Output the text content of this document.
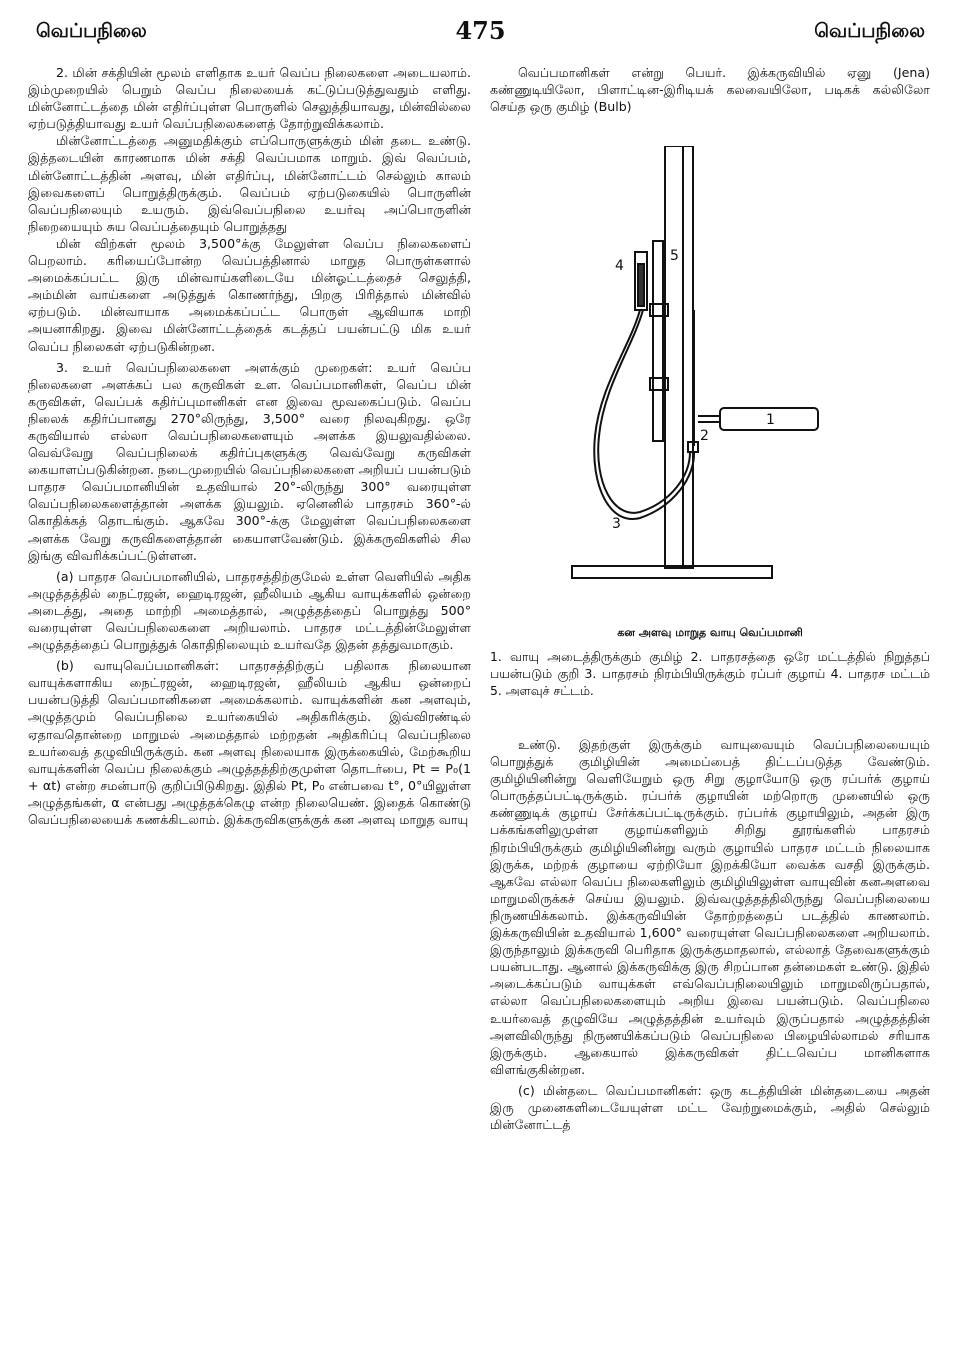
வெப்பநிலை	475	வெப்பநிலை

2. மின் சக்தியின் மூலம் எளிதாக உயர் வெப்ப நிலைகளை அடையலாம். இம்முறையில் பெறும் வெப்ப நிலையைக் கட்டுப்படுத்துவதும் எளிது. மின்னோட்டத்தை மின் எதிர்ப்புள்ள பொருளில் செலுத்தியாவது, மின்வில்லை ஏற்படுத்தியாவது உயர் வெப்பநிலைகளைத் தோற்றுவிக்கலாம்.

மின்னோட்டத்தை அனுமதிக்கும் எப்பொருளுக்கும் மின் தடை உண்டு. இத்தடையின் காரணமாக மின் சக்தி வெப்பமாக மாறும். இவ் வெப்பம், மின்னோட்டத்தின் அளவு, மின் எதிர்ப்பு, மின்னோட்டம் செல்லும் காலம் இவைகளைப் பொறுத்திருக்கும். வெப்பம் ஏற்படுகையில் பொருளின் வெப்பநிலையும் உயரும். இவ்வெப்பநிலை உயர்வு அப்பொருளின் நிறையையும் சுய வெப்பத்தையும் பொறுத்தது

மின் விற்கள் மூலம் 3,500°க்கு மேலுள்ள வெப்ப நிலைகளைப் பெறலாம். கரியைப்போன்ற வெப்பத்தினால் மாறுத பொருள்களால் அமைக்கப்பட்ட இரு மின்வாய்களிடையே மின்ஓட்டத்தைச் செலுத்தி, அம்மின் வாய்களை அடுத்துக் கொணர்ந்து, பிறகு பிரித்தால் மின்வில் ஏற்படும். மின்வாயாக அமைக்கப்பட்ட பொருள் ஆவியாக மாறி அயனாகிறது. இவை மின்னோட்டத்தைக் கடத்தப் பயன்பட்டு மிக உயர் வெப்ப நிலைகள் ஏற்படுகின்றன.

3. உயர் வெப்பநிலைகளை அளக்கும் முறைகள்: உயர் வெப்ப நிலைகளை அளக்கப் பல கருவிகள் உள. வெப்பமானிகள், வெப்ப மின் கருவிகள், வெப்பக் கதிர்ப்புமானிகள் என இவை மூவகைப்படும். வெப்ப நிலைக் கதிர்ப்பானது 270°லிருந்து, 3,500° வரை நிலவுகிறது. ஒரே கருவியால் எல்லா வெப்பநிலைகளையும் அளக்க இயலுவதில்லை. வெவ்வேறு வெப்பநிலைக் கதிர்ப்புகளுக்கு வெவ்வேறு கருவிகள் கையாளப்படுகின்றன. நடைமுறையில் வெப்பநிலைகளை அறியப் பயன்படும் பாதரச வெப்பமானியின் உதவியால் 20°-லிருந்து 300° வரையுள்ள வெப்பநிலைகளைத்தான் அளக்க இயலும். ஏனெனில் பாதரசம் 360°-ல் கொதிக்கத் தொடங்கும். ஆகவே 300°-க்கு மேலுள்ள வெப்பநிலைகளை அளக்க வேறு கருவிகளைத்தான் கையாளவேண்டும். இக்கருவிகளில் சில இங்கு விவரிக்கப்பட்டுள்ளன.

(a) பாதரச வெப்பமானியில், பாதரசத்திற்குமேல் உள்ள வெளியில் அதிக அழுத்தத்தில் நைட்ரஜன், ஹைடிரஜன், ஹீலியம் ஆகிய வாயுக்களில் ஒன்றை அடைத்து, அதை மாற்றி அமைத்தால், அழுத்தத்தைப் பொறுத்து 500° வரையுள்ள வெப்பநிலைகளை அறியலாம். பாதரச மட்டத்தின்மேலுள்ள அழுத்தத்தைப் பொறுத்துக் கொதிநிலையும் உயர்வதே இதன் தத்துவமாகும்.

(b) வாயுவெப்பமானிகள்: பாதரசத்திற்குப் பதிலாக நிலையான வாயுக்களாகிய நைட்ரஜன், ஹைடிரஜன், ஹீலியம் ஆகிய ஒன்றைப் பயன்படுத்தி வெப்பமானிகளை அமைக்கலாம். வாயுக்களின் கன அளவும், அழுத்தமும் வெப்பநிலை உயர்கையில் அதிகரிக்கும். இவ்விரண்டில் ஏதாவதொன்றை மாறுமல் அமைத்தால் மற்றதன் அதிகரிப்பு வெப்பநிலை உயர்வைத் தழுவியிருக்கும். கன அளவு நிலையாக இருக்கையில், மேற்கூறிய வாயுக்களின் வெப்ப நிலைக்கும் அழுத்தத்திற்குமுள்ள தொடர்பை, Pt = P₀(1 + αt) என்ற சமன்பாடு குறிப்பிடுகிறது. இதில் Pt, P₀ என்பவை t°, 0°யிலுள்ள அழுத்தங்கள், α என்பது அழுத்தக்கெழு என்ற நிலையெண். இதைக் கொண்டு வெப்பநிலையைக் கணக்கிடலாம். இக்கருவிகளுக்குக் கன அளவு மாறுத வாயு

வெப்பமானிகள் என்று பெயர். இக்கருவியில் ஏனு (Jena) கண்ணுடியிலோ, பிளாட்டின-இரிடியக் கலவையிலோ, படிகக் கல்லிலோ செய்த ஒரு குமிழ் (Bulb)

4
5
1
2
3
கன அளவு மாறுத வாயு வெப்பமானி
1. வாயு அடைத்திருக்கும் குமிழ் 2. பாதரசத்தை ஒரே மட்டத்தில் நிறுத்தப் பயன்படும் குறி 3. பாதரசம் நிரம்பியிருக்கும் ரப்பர் குழாய் 4. பாதரச மட்டம் 5. அளவுச் சட்டம்.

உண்டு. இதற்குள் இருக்கும் வாயுவையும் வெப்பநிலையையும் பொறுத்துக் குமிழியின் அமைப்பைத் திட்டப்படுத்த வேண்டும். குமிழியினின்று வெளியேறும் ஒரு சிறு குழாயோடு ஒரு ரப்பர்க் குழாய் பொருத்தப்பட்டிருக்கும். ரப்பர்க் குழாயின் மற்றொரு முனையில் ஒரு கண்ணுடிக் குழாய் சேர்க்கப்பட்டிருக்கும். ரப்பர்க் குழாயிலும், அதன் இரு பக்கங்களிலுமுள்ள குழாய்களிலும் சிறிது தூரங்களில் பாதரசம் நிரம்பியிருக்கும் குமிழியினின்று வரும் குழாயில் பாதரச மட்டம் நிலையாக இருக்க, மற்றக் குழாயை ஏற்றியோ இறக்கியோ வைக்க வசதி இருக்கும். ஆகவே எல்லா வெப்ப நிலைகளிலும் குமிழியிலுள்ள வாயுவின் கனஅளவை மாறுமலிருக்கச் செய்ய இயலும். இவ்வழுத்தத்திலிருந்து வெப்பநிலையை நிருணயிக்கலாம். இக்கருவியின் தோற்றத்தைப் படத்தில் காணலாம். இக்கருவியின் உதவியால் 1,600° வரையுள்ள வெப்பநிலைகளை அறியலாம். இருந்தாலும் இக்கருவி பெரிதாக இருக்குமாதலால், எல்லாத் தேவைகளுக்கும் பயன்படாது. ஆனால் இக்கருவிக்கு இரு சிறப்பான தன்மைகள் உண்டு. இதில் அடைக்கப்படும் வாயுக்கள் எவ்வெப்பநிலையிலும் மாறுமலிருப்பதால், எல்லா வெப்பநிலைகளையும் அறிய இவை பயன்படும். வெப்பநிலை உயர்வைத் தழுவியே அழுத்தத்தின் உயர்வும் இருப்பதால் அழுத்தத்தின் அளவிலிருந்து நிருணயிக்கப்படும் வெப்பநிலை பிழையில்லாமல் சரியாக இருக்கும். ஆகையால் இக்கருவிகள் திட்டவெப்ப மானிகளாக விளங்குகின்றன.

(c) மின்தடை வெப்பமானிகள்: ஒரு கடத்தியின் மின்தடையை அதன் இரு முனைகளிடையேயுள்ள மட்ட வேற்றுமைக்கும், அதில் செல்லும் மின்னோட்டத்
